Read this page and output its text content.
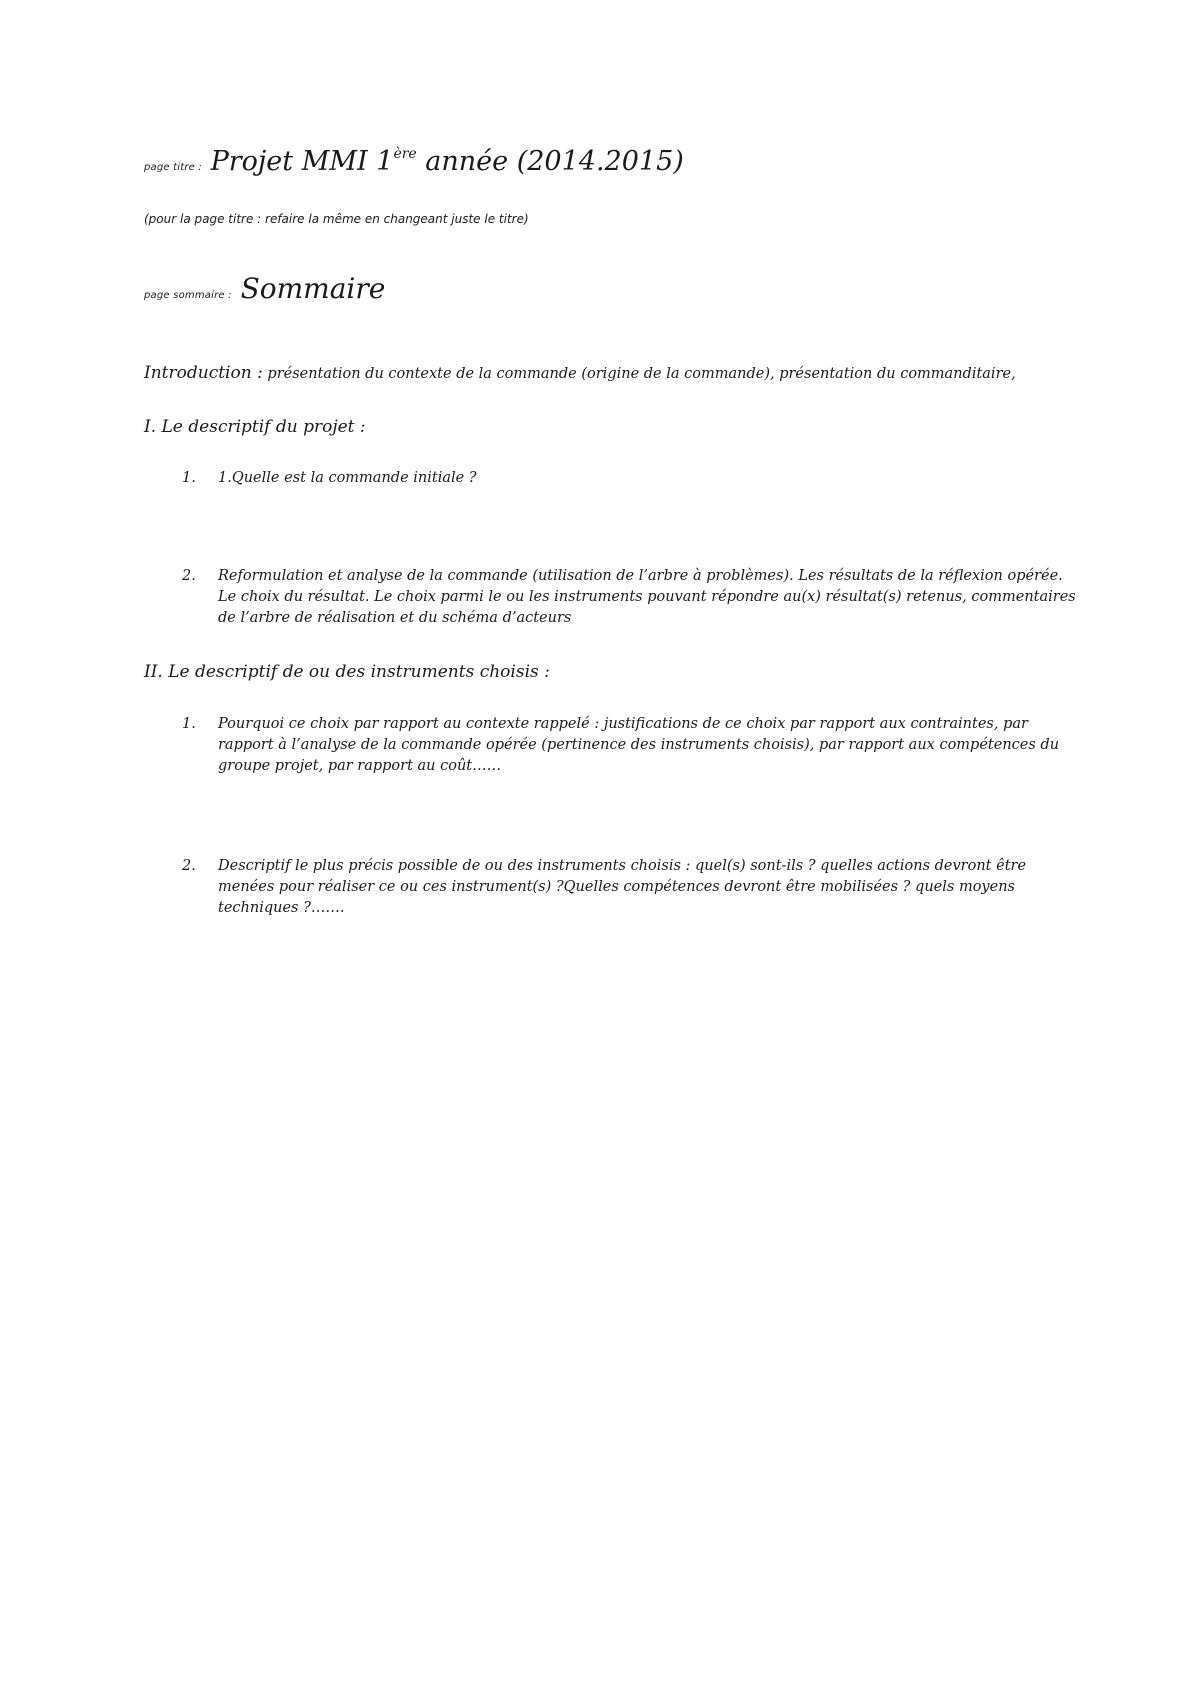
page titre : Projet MMI 1ère année (2014.2015)
(pour la page titre : refaire la même en changeant juste le titre)
page sommaire : Sommaire
Introduction : présentation du contexte de la commande (origine de la commande), présentation du commanditaire,
I. Le descriptif du projet :
1. 1.Quelle est la commande initiale ?
2. Reformulation et analyse de la commande (utilisation de l’arbre à problèmes). Les résultats de la réflexion opérée. Le choix du résultat. Le choix parmi le ou les instruments pouvant répondre au(x) résultat(s) retenus, commentaires de l’arbre de réalisation et du schéma d’acteurs
II. Le descriptif de ou des instruments choisis :
1. Pourquoi ce choix par rapport au contexte rappelé : justifications de ce choix par rapport aux contraintes, par rapport à l’analyse de la commande opérée (pertinence des instruments choisis), par rapport aux compétences du groupe projet, par rapport au coût……
2. Descriptif le plus précis possible de ou des instruments choisis : quel(s) sont-ils ? quelles actions devront être menées pour réaliser ce ou ces instrument(s) ?Quelles compétences devront être mobilisées ? quels moyens techniques ?…….
